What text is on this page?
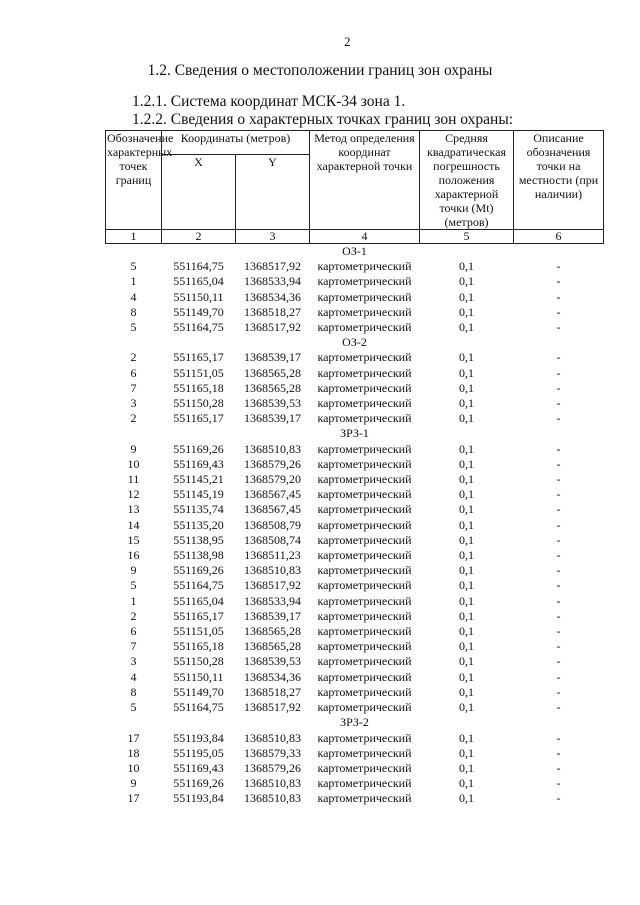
2
1.2. Сведения о местоположении границ зон охраны
1.2.1. Система координат МСК-34 зона 1.
1.2.2. Сведения о характерных точках границ зон охраны:
Обозначение характерных точек границ	Координаты (метров)		Метод определения координат характерной точки	Средняя квадратическая погрешность положения характерной точки (Mt) (метров)	Описание обозначения точки на местности (при наличии)
	X	Y			
1	2	3	4	5	6
ОЗ-1					
5	551164,75	1368517,92	картометрический	0,1	-
1	551165,04	1368533,94	картометрический	0,1	-
4	551150,11	1368534,36	картометрический	0,1	-
8	551149,70	1368518,27	картометрический	0,1	-
5	551164,75	1368517,92	картометрический	0,1	-
ОЗ-2					
2	551165,17	1368539,17	картометрический	0,1	-
6	551151,05	1368565,28	картометрический	0,1	-
7	551165,18	1368565,28	картометрический	0,1	-
3	551150,28	1368539,53	картометрический	0,1	-
2	551165,17	1368539,17	картометрический	0,1	-
ЗРЗ-1					
9	551169,26	1368510,83	картометрический	0,1	-
10	551169,43	1368579,26	картометрический	0,1	-
11	551145,21	1368579,20	картометрический	0,1	-
12	551145,19	1368567,45	картометрический	0,1	-
13	551135,74	1368567,45	картометрический	0,1	-
14	551135,20	1368508,79	картометрический	0,1	-
15	551138,95	1368508,74	картометрический	0,1	-
16	551138,98	1368511,23	картометрический	0,1	-
9	551169,26	1368510,83	картометрический	0,1	-
5	551164,75	1368517,92	картометрический	0,1	-
1	551165,04	1368533,94	картометрический	0,1	-
2	551165,17	1368539,17	картометрический	0,1	-
6	551151,05	1368565,28	картометрический	0,1	-
7	551165,18	1368565,28	картометрический	0,1	-
3	551150,28	1368539,53	картометрический	0,1	-
4	551150,11	1368534,36	картометрический	0,1	-
8	551149,70	1368518,27	картометрический	0,1	-
5	551164,75	1368517,92	картометрический	0,1	-
ЗРЗ-2					
17	551193,84	1368510,83	картометрический	0,1	-
18	551195,05	1368579,33	картометрический	0,1	-
10	551169,43	1368579,26	картометрический	0,1	-
9	551169,26	1368510,83	картометрический	0,1	-
17	551193,84	1368510,83	картометрический	0,1	-
